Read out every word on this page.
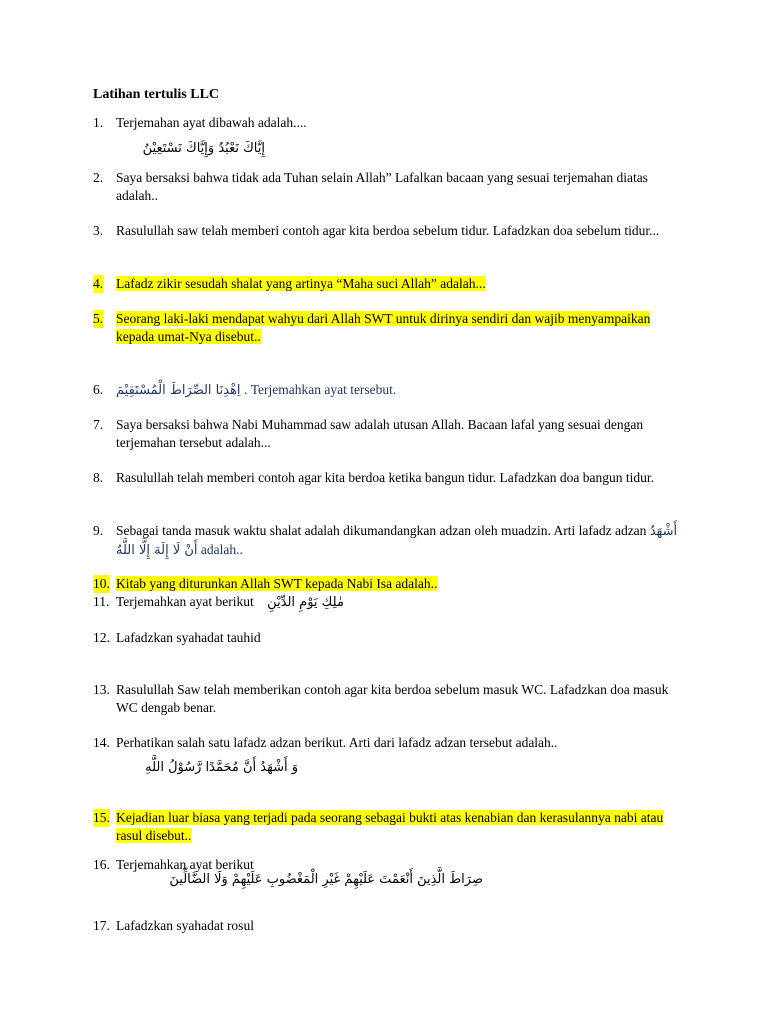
Latihan tertulis LLC
1. Terjemahan ayat dibawah adalah....
إِيَّاكَ نَعْبُدُ وَإِيَّاكَ نَسْتَعِيْنُ
2. Saya bersaksi bahwa tidak ada Tuhan selain Allah” Lafalkan bacaan yang sesuai terjemahan diatas adalah..
3. Rasulullah saw telah memberi contoh agar kita berdoa sebelum tidur. Lafadzkan doa sebelum tidur...
4. Lafadz zikir sesudah shalat yang artinya “Maha suci Allah” adalah...
5. Seorang laki-laki mendapat wahyu dari Allah SWT untuk dirinya sendiri dan wajib menyampaikan kepada umat-Nya disebut..
6. اِهْدِنَا الصِّرَاطَ الْمُسْتَقِيْمَ . Terjemahkan ayat tersebut.
7. Saya bersaksi bahwa Nabi Muhammad saw adalah utusan Allah. Bacaan lafal yang sesuai dengan terjemahan tersebut adalah...
8. Rasulullah telah memberi contoh agar kita berdoa ketika bangun tidur. Lafadzkan doa bangun tidur.
9. Sebagai tanda masuk waktu shalat adalah dikumandangkan adzan oleh muadzin. Arti lafadz adzan أَشْهَدُ أَنْ لَا إِلَهَ إِلَّا اللَّهُ adalah..
10. Kitab yang diturunkan Allah SWT kepada Nabi Isa adalah..
11. Terjemahkan ayat berikut مٰلِكِ يَوْمِ الدِّيْنِ
12. Lafadzkan syahadat tauhid
13. Rasulullah Saw telah memberikan contoh agar kita berdoa sebelum masuk WC. Lafadzkan doa masuk WC dengab benar.
14. Perhatikan salah satu lafadz adzan berikut. Arti dari lafadz adzan tersebut adalah..
وَ أَشْهَدُ أَنَّ مُحَمَّدًا رَّسُوْلُ اللَّهِ
15. Kejadian luar biasa yang terjadi pada seorang sebagai bukti atas kenabian dan kerasulannya nabi atau rasul disebut..
16. Terjemahkan ayat berikut
صِرَاطَ الَّذِينَ أَنْعَمْتَ عَلَيْهِمْ غَيْرِ الْمَغْضُوبِ عَلَيْهِمْ وَلَا الضَّالِّينَ
17. Lafadzkan syahadat rosul
